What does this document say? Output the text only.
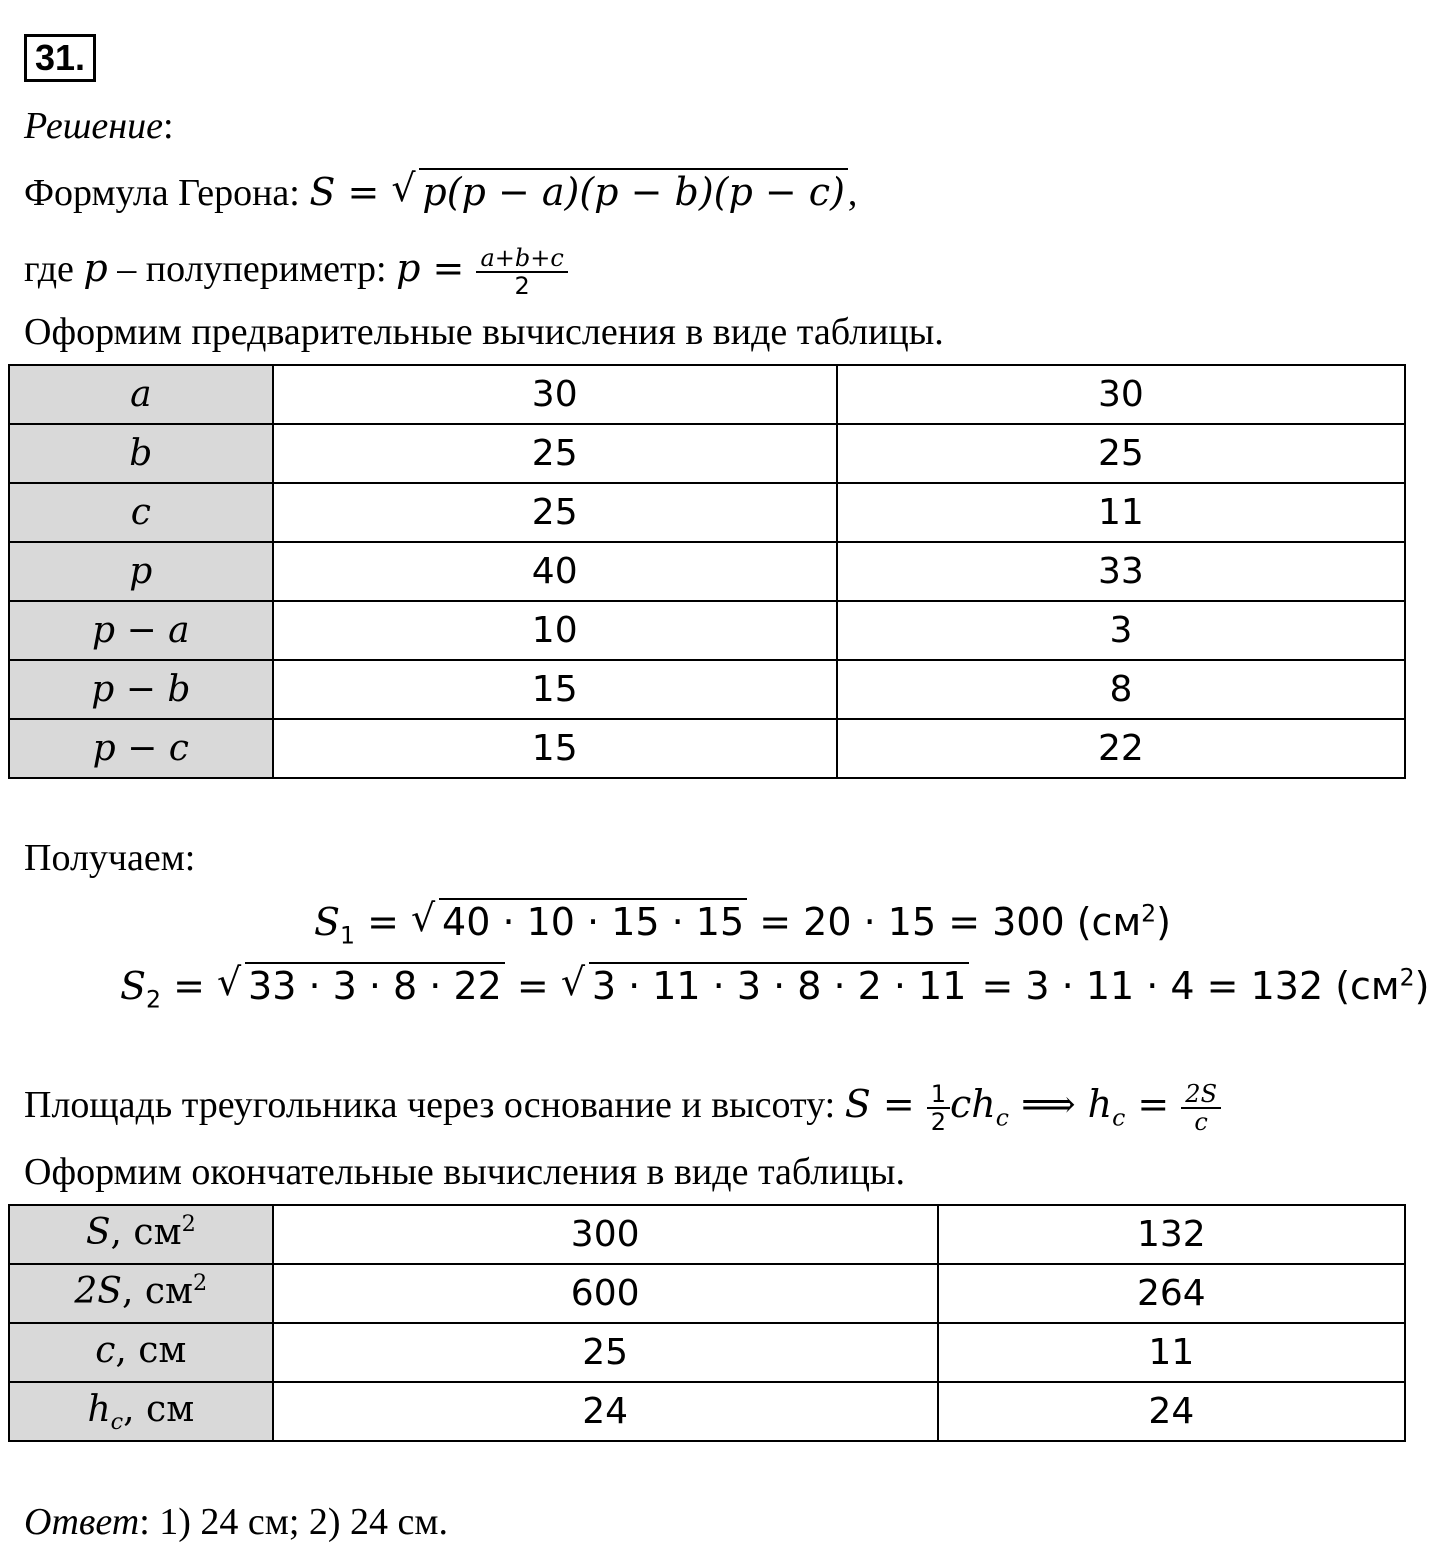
31.
Решение:
Формула Герона: S = √ p(p − a)(p − b)(p − c),
где p – полупериметр: $p = \frac{a+b+c}{2}$
Оформим предварительные вычисления в виде таблицы.
a	30	30
b	25	25
c	25	11
p	40	33
p − a	10	3
p − b	15	8
p − c	15	22
Получаем:
$S_1$ = √ 40 · 10 · 15 · 15 = 20 · 15 = 300 $(см^2)$
$S_2$ = √ 33 · 3 · 8 · 22 = √ 3 · 11 · 3 · 8 · 2 · 11 = 3 · 11 · 4 = 132 $(см^2)$
Площадь треугольника через основание и высоту: $S = \frac{1}{2} ch_c$ ⟹ $h_c = \frac{2S}{c}$
Оформим окончательные вычисления в виде таблицы.
S, $см^2$	300	132
2S, $см^2$	600	264
c, см	25	11
$h_c$, см	24	24
Ответ: 1) 24 см; 2) 24 см.
